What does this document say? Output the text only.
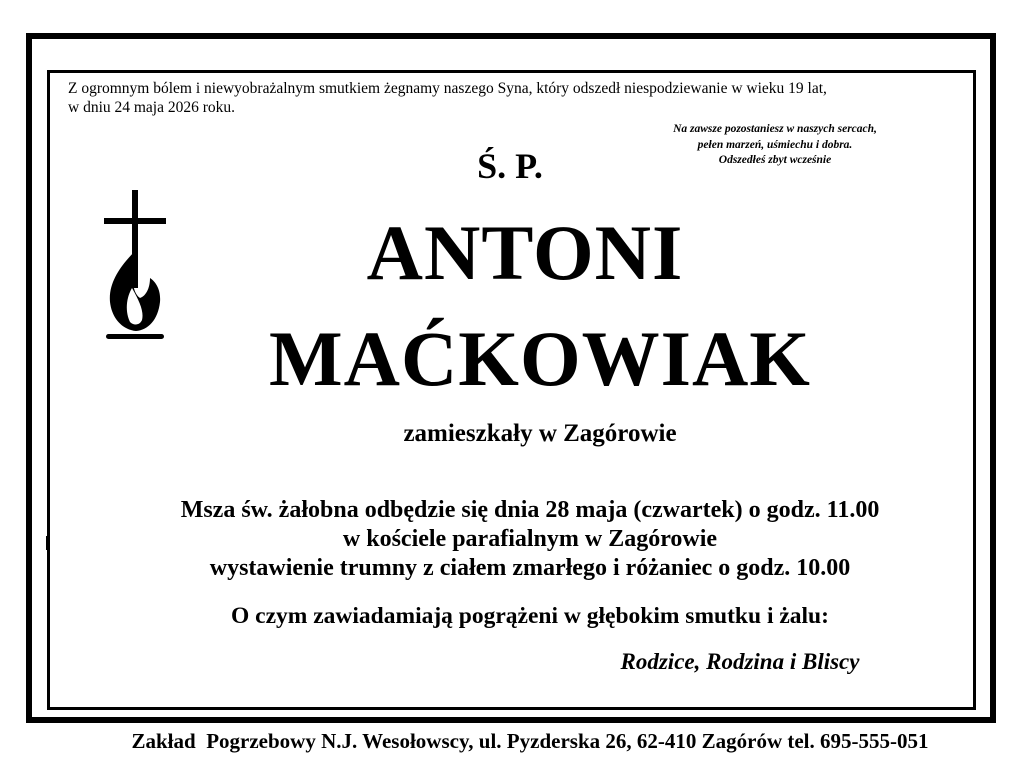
Z ogromnym bólem i niewyobrażalnym smutkiem żegnamy naszego Syna, który odszedł niespodziewanie w wieku 19 lat,
w dniu 24 maja 2026 roku.
Na zawsze pozostaniesz w naszych sercach,
pełen marzeń, uśmiechu i dobra.
Odszedłeś zbyt wcześnie
Ś. P.
ANTONI
MAĆKOWIAK
zamieszkały w Zagórowie
Msza św. żałobna odbędzie się dnia 28 maja (czwartek) o godz. 11.00
w kościele parafialnym w Zagórowie
wystawienie trumny z ciałem zmarłego i różaniec o godz. 10.00
O czym zawiadamiają pogrążeni w głębokim smutku i żalu:
Rodzice, Rodzina i Bliscy
Zakład  Pogrzebowy N.J. Wesołowscy, ul. Pyzderska 26, 62-410 Zagórów tel. 695-555-051
